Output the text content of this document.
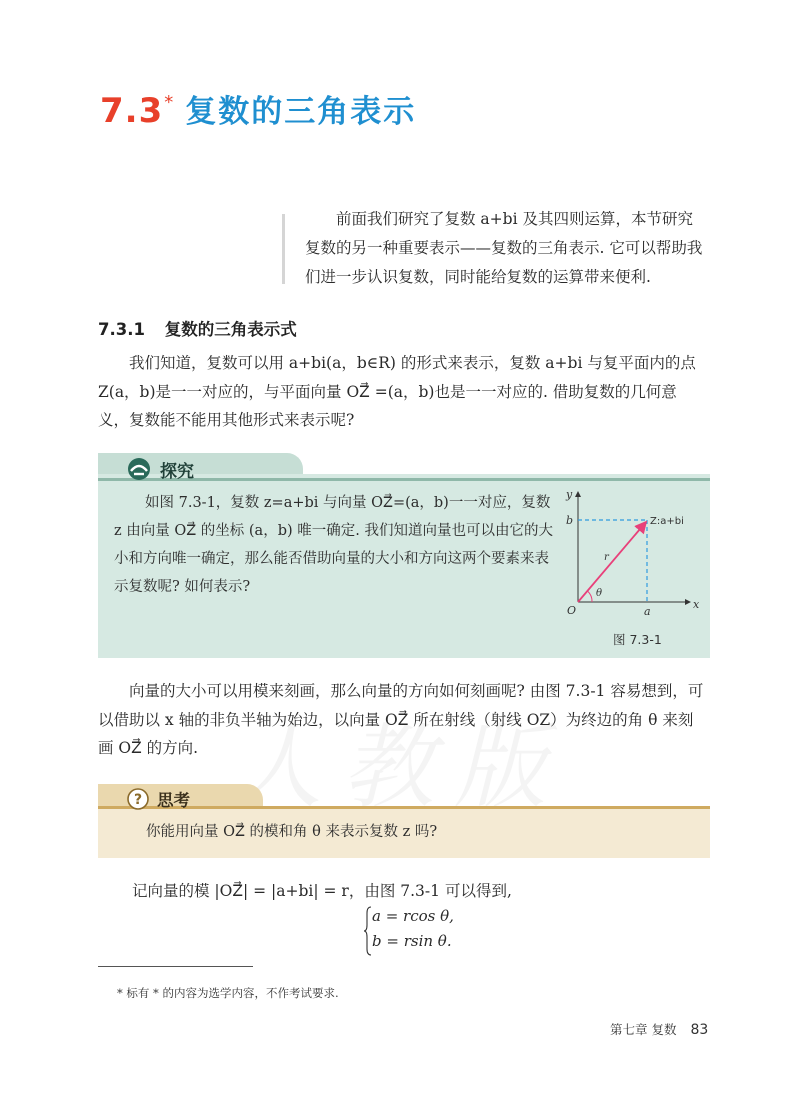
7.3 * 复数的三角表示
前面我们研究了复数 a+bi 及其四则运算，本节研究复数的另一种重要表示——复数的三角表示. 它可以帮助我们进一步认识复数，同时能给复数的运算带来便利.
7.3.1 复数的三角表示式
我们知道，复数可以用 a+bi(a，b∈R) 的形式来表示，复数 a+bi 与复平面内的点 Z(a，b)是一一对应的，与平面向量 OZ⃗ =(a，b)也是一一对应的. 借助复数的几何意义，复数能不能用其他形式来表示呢?
探究
如图 7.3-1，复数 z=a+bi 与向量 OZ⃗=(a，b)一一对应，复数 z 由向量 OZ⃗ 的坐标 (a，b) 唯一确定. 我们知道向量也可以由它的大小和方向唯一确定，那么能否借助向量的大小和方向这两个要素来表示复数呢? 如何表示?
y
x
O
b
a
Z:a+bi
r
θ
图 7.3-1
向量的大小可以用模来刻画，那么向量的方向如何刻画呢? 由图 7.3-1 容易想到，可以借助以 x 轴的非负半轴为始边，以向量 OZ⃗ 所在射线（射线 OZ）为终边的角 θ 来刻画 OZ⃗ 的方向.
? 思考
你能用向量 OZ⃗ 的模和角 θ 来表示复数 z 吗?
记向量的模 |OZ⃗| = |a+bi| = r，由图 7.3-1 可以得到,
a = rcos θ,
b = rsin θ.
* 标有 * 的内容为选学内容，不作考试要求.
第七章 复数 83
